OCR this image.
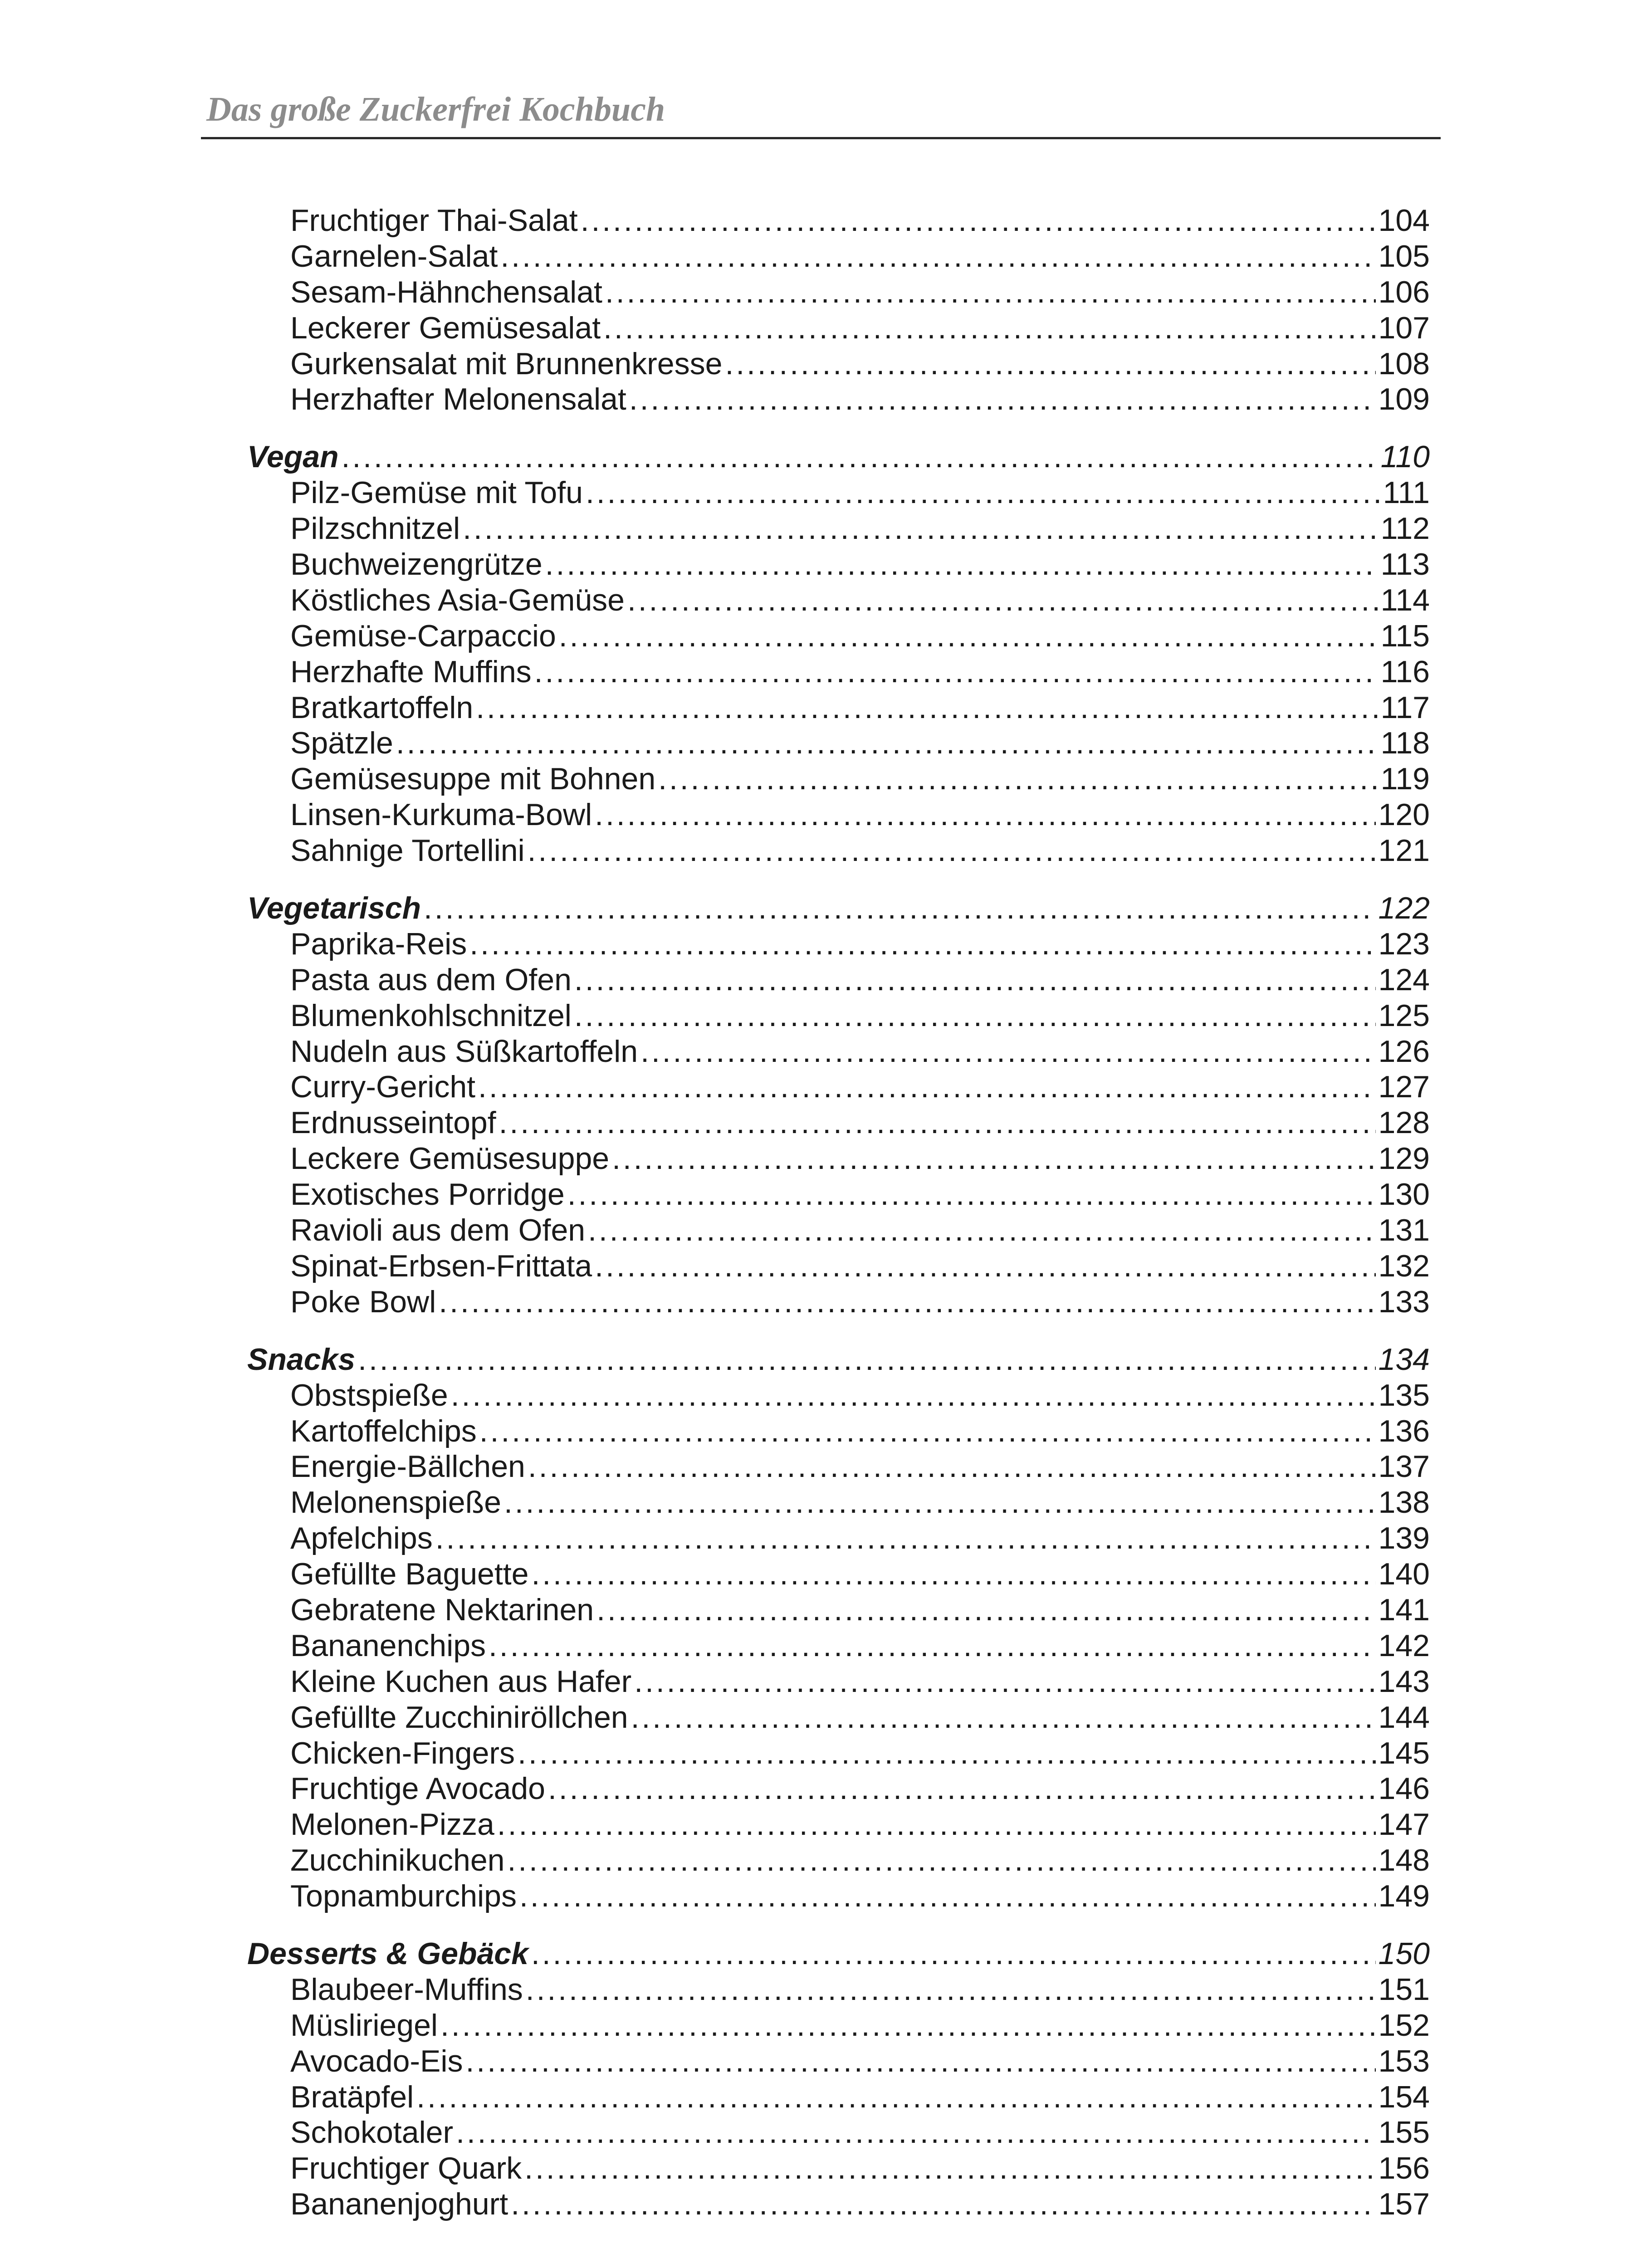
Das große Zuckerfrei Kochbuch
Fruchtiger Thai-Salat . . .	104
Garnelen-Salat . . .	105
Sesam-Hähnchensalat . . .	106
Leckerer Gemüsesalat . . .	107
Gurkensalat mit Brunnenkresse . . .	108
Herzhafter Melonensalat . . .	109
Vegan . . .	110
Pilz-Gemüse mit Tofu . . .	111
Pilzschnitzel . . .	112
Buchweizengrütze . . .	113
Köstliches Asia-Gemüse . . .	114
Gemüse-Carpaccio . . .	115
Herzhafte Muffins . . .	116
Bratkartoffeln . . .	117
Spätzle . . .	118
Gemüsesuppe mit Bohnen . . .	119
Linsen-Kurkuma-Bowl . . .	120
Sahnige Tortellini . . .	121
Vegetarisch . . .	122
Paprika-Reis . . .	123
Pasta aus dem Ofen . . .	124
Blumenkohlschnitzel . . .	125
Nudeln aus Süßkartoffeln . . .	126
Curry-Gericht . . .	127
Erdnusseintopf . . .	128
Leckere Gemüsesuppe . . .	129
Exotisches Porridge . . .	130
Ravioli aus dem Ofen . . .	131
Spinat-Erbsen-Frittata . . .	132
Poke Bowl . . .	133
Snacks . . .	134
Obstspieße . . .	135
Kartoffelchips . . .	136
Energie-Bällchen . . .	137
Melonenspieße . . .	138
Apfelchips . . .	139
Gefüllte Baguette . . .	140
Gebratene Nektarinen . . .	141
Bananenchips . . .	142
Kleine Kuchen aus Hafer . . .	143
Gefüllte Zucchiniröllchen . . .	144
Chicken-Fingers . . .	145
Fruchtige Avocado . . .	146
Melonen-Pizza . . .	147
Zucchinikuchen . . .	148
Topnamburchips . . .	149
Desserts & Gebäck . . .	150
Blaubeer-Muffins . . .	151
Müsliriegel . . .	152
Avocado-Eis . . .	153
Bratäpfel . . .	154
Schokotaler . . .	155
Fruchtiger Quark . . .	156
Bananenjoghurt . . .	157
